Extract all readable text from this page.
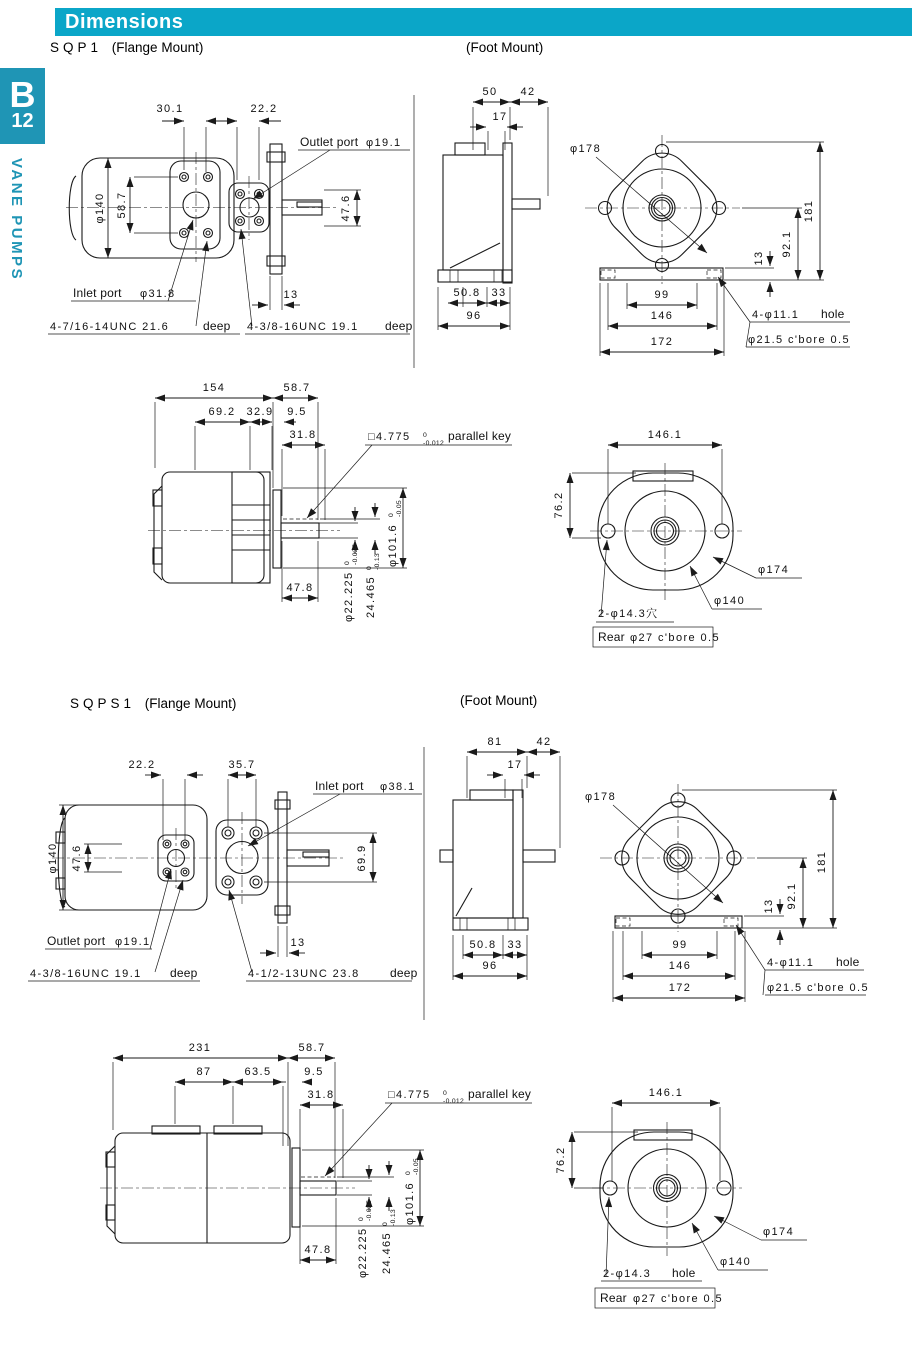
Dimensions
B
12
VANE PUMPS
SQP1 (Flange Mount)	(Foot Mount)
SQPS1 (Flange Mount)	(Foot Mount)
30.1	22.2
Outlet port φ19.1
φ140 58.7	47.6
Inlet port φ31.8	13
4-7/16-14UNC 21.6	deep 4-3/8-16UNC 19.1 deep
50 42
17
50.8 33
96
φ178
181
92.1
13
99
146
172
4-φ11.1 hole
φ21.5 c'bore 0.5
154	58.7
69.2 32.9 9.5
31.8	□4.775 0
-0.012
parallel key
φ101.6
0 -0.05
φ22.225
0 -0.025
24.465
0 -0.13
47.8
146.1
76.2
φ174
φ140
2-φ14.3穴
Rear φ27 c'bore 0.5
22.2	35.7
Inlet port φ38.1
φ140 47.6	69.9
Outlet port φ19.1	13
4-3/8-16UNC 19.1 deep	4-1/2-13UNC 23.8	deep
81	42
17
50.8 33
96
φ178
181
92.1
13
99
146
172
4-φ11.1 hole
φ21.5 c'bore 0.5
231	58.7
87	63.5	9.5
31.8	□4.775 0
-0.012
parallel key
φ101.6
0 -0.05
φ22.225
0 -0.025
24.465
0 -0.13
47.8
146.1
76.2
φ174
φ140
2-φ14.3 hole
Rear φ27 c'bore 0.5
